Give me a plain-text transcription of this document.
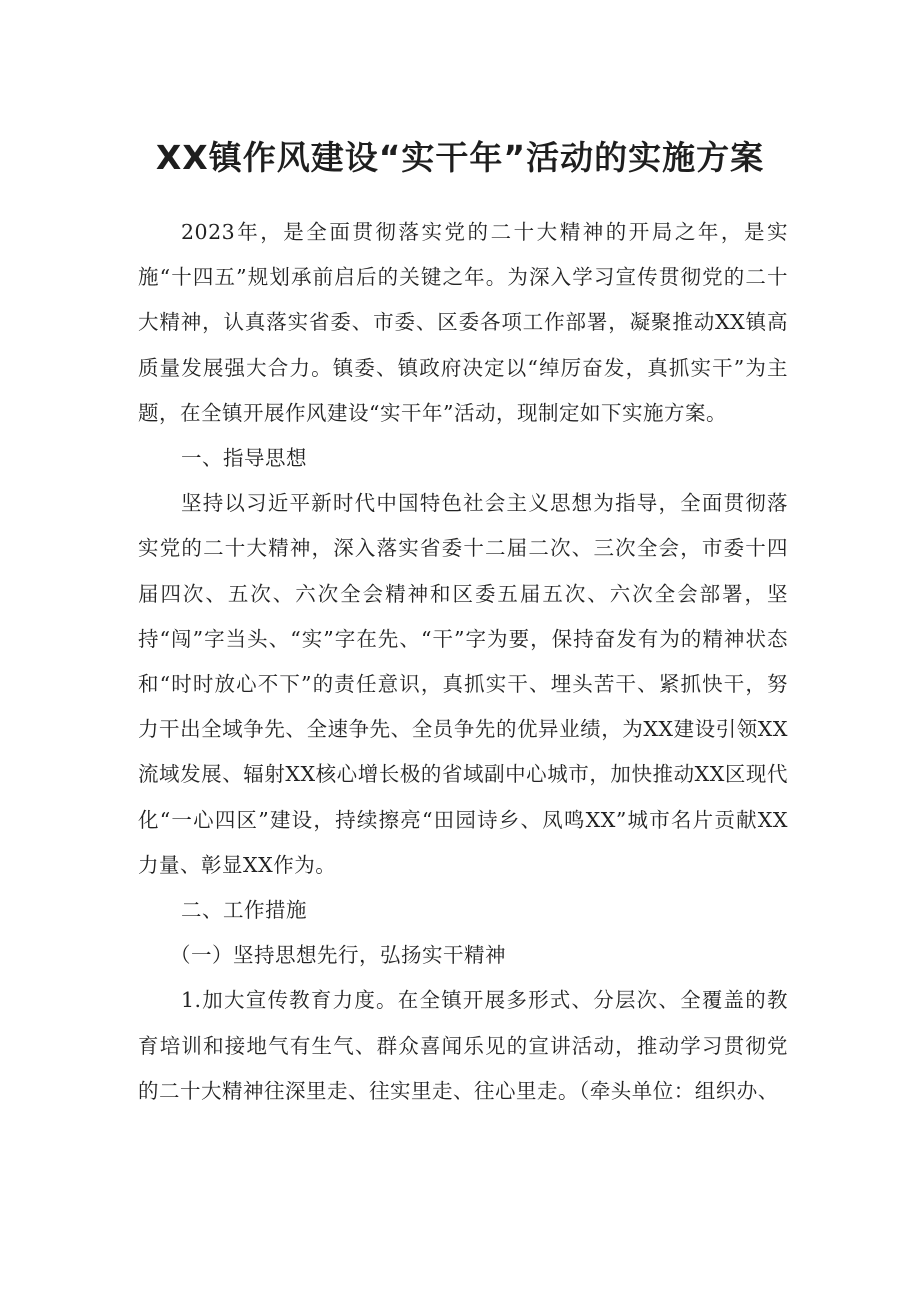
XX镇作风建设“实干年”活动的实施方案

2023年，是全面贯彻落实党的二十大精神的开局之年，是实施“十四五”规划承前启后的关键之年。为深入学习宣传贯彻党的二十大精神，认真落实省委、市委、区委各项工作部署，凝聚推动XX镇高质量发展强大合力。镇委、镇政府决定以“绰厉奋发，真抓实干”为主题，在全镇开展作风建设“实干年”活动，现制定如下实施方案。

一、指导思想

坚持以习近平新时代中国特色社会主义思想为指导，全面贯彻落实党的二十大精神，深入落实省委十二届二次、三次全会，市委十四届四次、五次、六次全会精神和区委五届五次、六次全会部署，坚持“闯”字当头、“实”字在先、“干”字为要，保持奋发有为的精神状态和“时时放心不下”的责任意识，真抓实干、埋头苦干、紧抓快干，努力干出全域争先、全速争先、全员争先的优异业绩，为XX建设引领XX流域发展、辐射XX核心增长极的省域副中心城市，加快推动XX区现代化“一心四区”建设，持续擦亮“田园诗乡、凤鸣XX”城市名片贡献XX力量、彰显XX作为。

二、工作措施

（一）坚持思想先行，弘扬实干精神

1.加大宣传教育力度。在全镇开展多形式、分层次、全覆盖的教育培训和接地气有生气、群众喜闻乐见的宣讲活动，推动学习贯彻党的二十大精神往深里走、往实里走、往心里走。（牵头单位：组织办、
